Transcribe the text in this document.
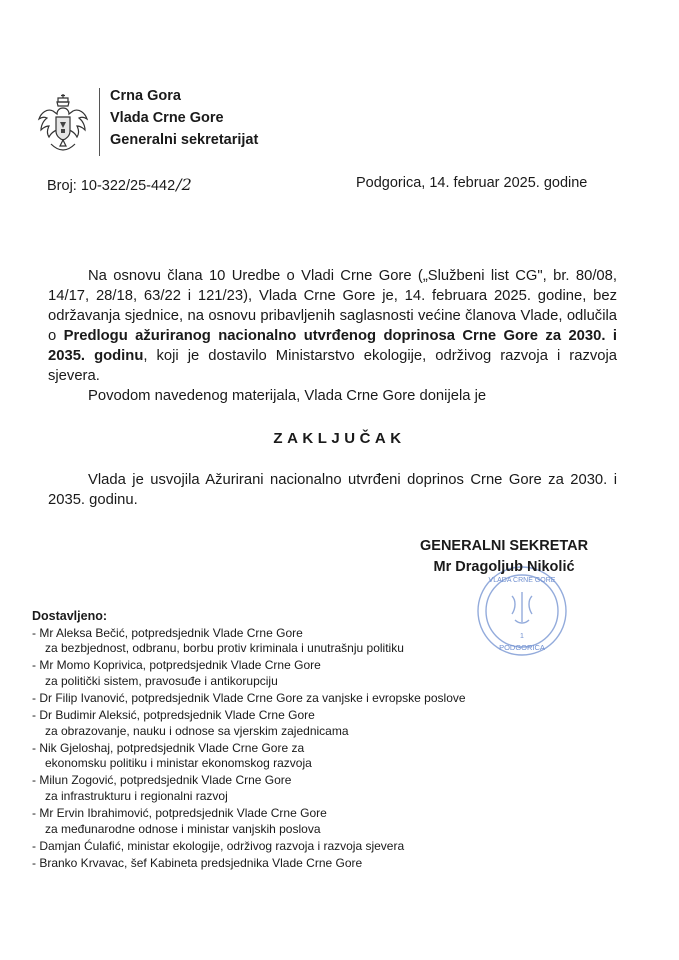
Crna Gora
Vlada Crne Gore
Generalni sekretarijat
Broj: 10-322/25-442/2	Podgorica, 14. februar 2025. godine
Na osnovu člana 10 Uredbe o Vladi Crne Gore („Službeni list CG", br. 80/08, 14/17, 28/18, 63/22 i 121/23), Vlada Crne Gore je, 14. februara 2025. godine, bez održavanja sjednice, na osnovu pribavljenih saglasnosti većine članova Vlade, odlučila o Predlogu ažuriranog nacionalno utvrđenog doprinosa Crne Gore za 2030. i 2035. godinu, koji je dostavilo Ministarstvo ekologije, održivog razvoja i razvoja sjevera.
Povodom navedenog materijala, Vlada Crne Gore donijela je
ZAKLJUČAK
Vlada je usvojila Ažurirani nacionalno utvrđeni doprinos Crne Gore za 2030. i 2035. godinu.
1
VLADA CRNE GORE
PODGORICA
GENERALNI SEKRETAR
Mr Dragoljub Nikolić
Dostavljeno:
- Mr Aleksa Bečić, potpredsjednik Vlade Crne Gore
za bezbjednost, odbranu, borbu protiv kriminala i unutrašnju politiku
- Mr Momo Koprivica, potpredsjednik Vlade Crne Gore
za politički sistem, pravosuđe i antikorupciju
- Dr Filip Ivanović, potpredsjednik Vlade Crne Gore za vanjske i evropske poslove
- Dr Budimir Aleksić, potpredsjednik Vlade Crne Gore
za obrazovanje, nauku i odnose sa vjerskim zajednicama
- Nik Gjeloshaj, potpredsjednik Vlade Crne Gore za
ekonomsku politiku i ministar ekonomskog razvoja
- Milun Zogović, potpredsjednik Vlade Crne Gore
za infrastrukturu i regionalni razvoj
- Mr Ervin Ibrahimović, potpredsjednik Vlade Crne Gore
za međunarodne odnose i ministar vanjskih poslova
- Damjan Ćulafić, ministar ekologije, održivog razvoja i razvoja sjevera
- Branko Krvavac, šef Kabineta predsjednika Vlade Crne Gore
